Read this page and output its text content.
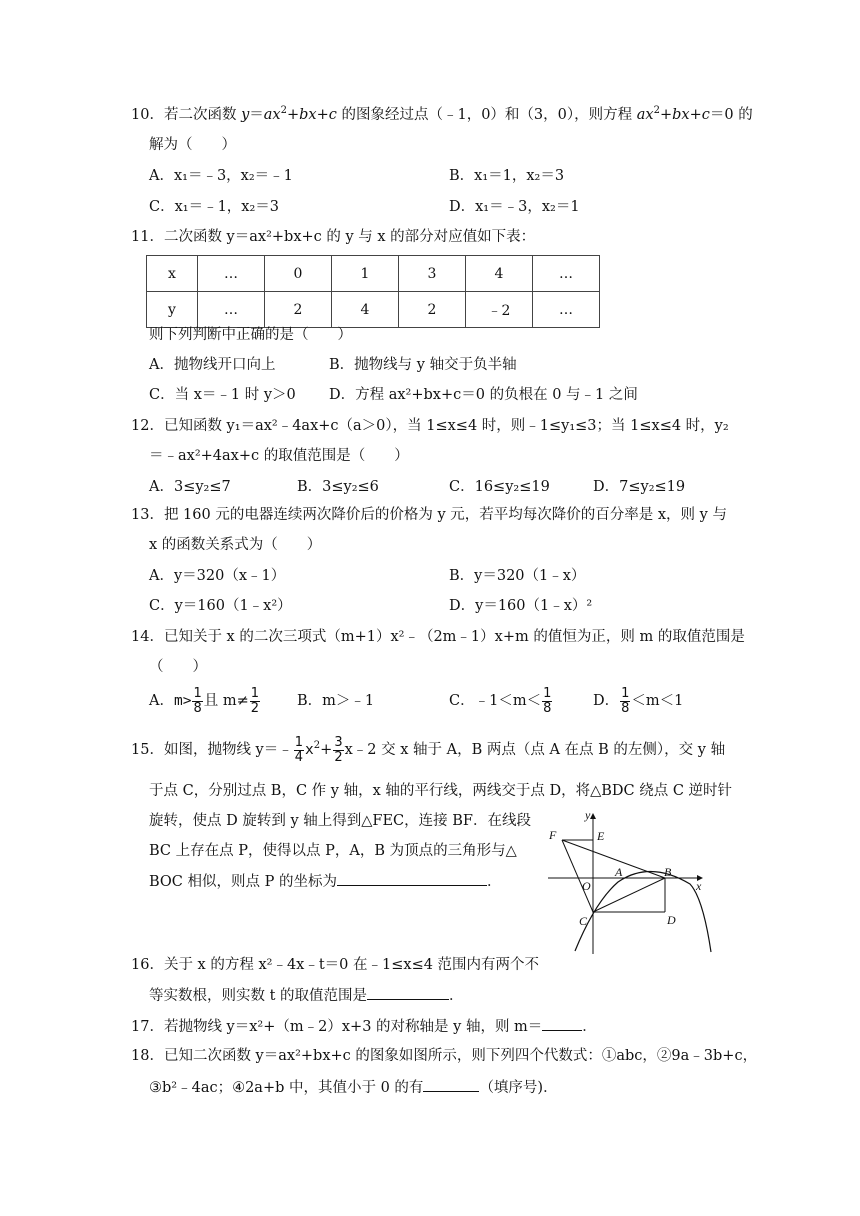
10．若二次函数 $y=ax^2+bx+c$ 的图象经过点（﹣1，0）和（3，0），则方程 $ax^2+bx+c=0$ 的
解为（　　）
A．x₁＝﹣3，x₂＝﹣1	B．x₁＝1，x₂＝3
C．x₁＝﹣1，x₂＝3	D．x₁＝﹣3，x₂＝1
11．二次函数 y＝ax²+bx+c 的 y 与 x 的部分对应值如下表：
x	…	0	1	3	4	…
y	…	2	4	2	﹣2	…
则下列判断中正确的是（　　）
A．抛物线开口向上	B．抛物线与 y 轴交于负半轴
C．当 x＝﹣1 时 y＞0 D．方程 ax²+bx+c＝0 的负根在 0 与﹣1 之间
12．已知函数 y₁＝ax²﹣4ax+c（a＞0），当 1≤x≤4 时，则﹣1≤y₁≤3；当 1≤x≤4 时，y₂
＝﹣ax²+4ax+c 的取值范围是（　　）
A．3≤y₂≤7	B．3≤y₂≤6	C．16≤y₂≤19	D．7≤y₂≤19
13．把 160 元的电器连续两次降价后的价格为 y 元，若平均每次降价的百分率是 x，则 y 与
x 的函数关系式为（　　）
A．y＝320（x﹣1）	B．y＝320（1﹣x）
C．y＝160（1﹣x²）	D．y＝160（1﹣x）²
14．已知关于 x 的二次三项式（m+1）x²﹣（2m﹣1）x+m 的值恒为正，则 m 的取值范围是
（　　）
A．$m> \frac{1}{8}$ 且 $m\ne \frac{1}{2}$	B．m＞﹣1	C．﹣1＜m＜ $\frac{1}{8}$	D． $\frac{1}{8} <m<1$
15．如图，抛物线 y＝﹣ $\frac{1}{4} x^2+ \frac{3}{2}$ x﹣2 交 x 轴于 A，B 两点（点 A 在点 B 的左侧），交 y 轴
于点 C，分别过点 B，C 作 y 轴，x 轴的平行线，两线交于点 D，将△BDC 绕点 C 逆时针
旋转，使点 D 旋转到 y 轴上得到△FEC，连接 BF．在线段
BC 上存在点 P，使得以点 P，A，B 为顶点的三角形与△
BOC 相似，则点 P 的坐标为	．
y
x
F	E
A	B
O
C	D
16．关于 x 的方程 x²﹣4x﹣t＝0 在﹣1≤x≤4 范围内有两个不
等实数根，则实数 t 的取值范围是	．
17．若抛物线 y＝x²+（m﹣2）x+3 的对称轴是 y 轴，则 m＝	．
18．已知二次函数 y＝ax²+bx+c 的图象如图所示，则下列四个代数式：①abc，②9a﹣3b+c，
③b²﹣4ac；④2a+b 中，其值小于 0 的有	（填序号)．
